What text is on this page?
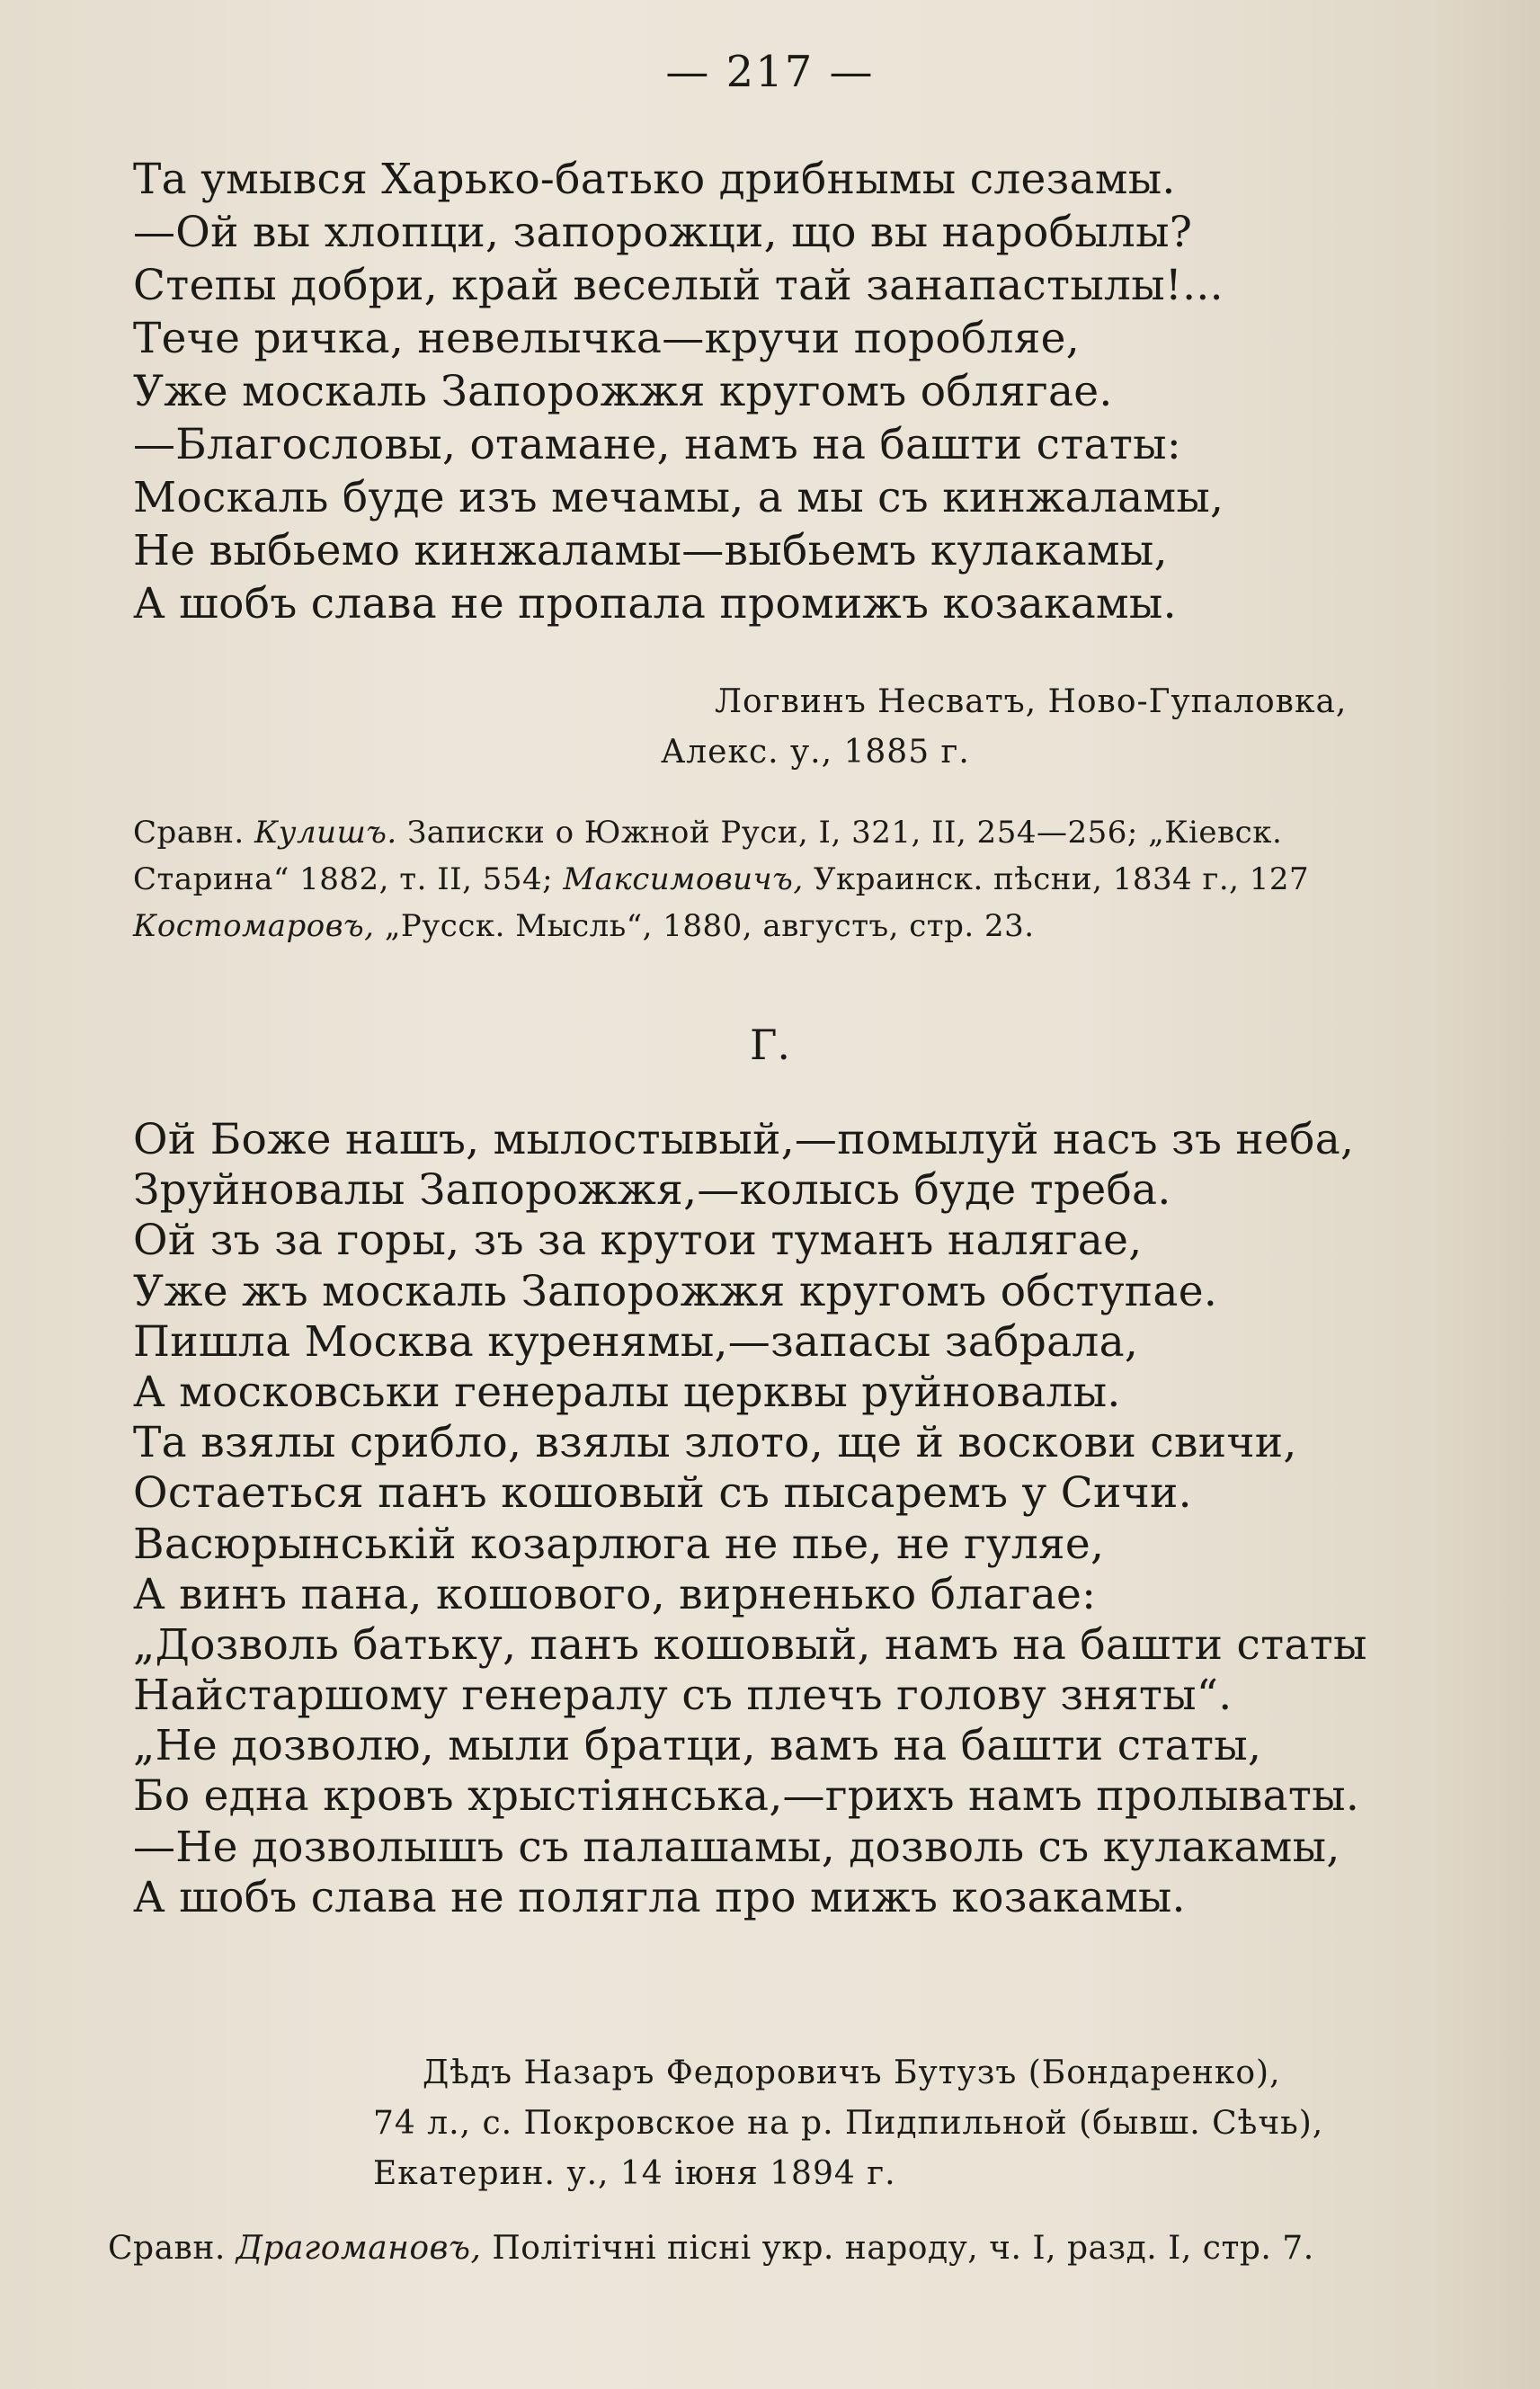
— 217 —
Та умывся Харько-батько дрибнымы слезамы.
—Ой вы хлопци, запорожци, що вы наробылы?
Степы добри, край веселый тай занапастылы!...
Тече ричка, невелычка—кручи поробляе,
Уже москаль Запорожжя кругомъ облягае.
—Благословы, отамане, намъ на башти статы:
Москаль буде изъ мечамы, а мы съ кинжаламы,
Не выбьемо кинжаламы—выбьемъ кулакамы,
А шобъ слава не пропала промижъ козакамы.
Логвинъ Несватъ, Ново-Гупаловка,
Алекс. у., 1885 г.
Сравн. Кулишъ. Записки о Южной Руси, I, 321, II, 254—256; „Кіевск. Старина“ 1882, т. II, 554; Максимовичъ, Украинск. пѣсни, 1834 г., 127 Костомаровъ, „Русск. Мысль“, 1880, августъ, стр. 23.
Г.
Ой Боже нашъ, мылостывый,—помылуй насъ зъ неба,
Зруйновалы Запорожжя,—колысь буде треба.
Ой зъ за горы, зъ за крутои туманъ налягае,
Уже жъ москаль Запорожжя кругомъ обступае.
Пишла Москва куренямы,—запасы забрала,
А московськи генералы церквы руйновалы.
Та взялы срибло, взялы злото, ще й воскови свичи,
Остаеться панъ кошовый съ пысаремъ у Сичи.
Васюрынській козарлюга не пье, не гуляе,
А винъ пана, кошового, вирненько благае:
„Дозволь батьку, панъ кошовый, намъ на башти статы
Найстаршому генералу съ плечъ голову зняты“.
„Не дозволю, мыли братци, вамъ на башти статы,
Бо една кровъ хрыстіянська,—грихъ намъ пролываты.
—Не дозволышъ съ палашамы, дозволь съ кулакамы,
А шобъ слава не полягла про мижъ козакамы.
Дѣдъ Назаръ Федоровичъ Бутузъ (Бондаренко),
74 л., с. Покровское на р. Пидпильной (бывш. Сѣчь),
Екатерин. у., 14 іюня 1894 г.
Сравн. Драгомановъ, Політічні пісні укр. народу, ч. I, разд. I, стр. 7.
